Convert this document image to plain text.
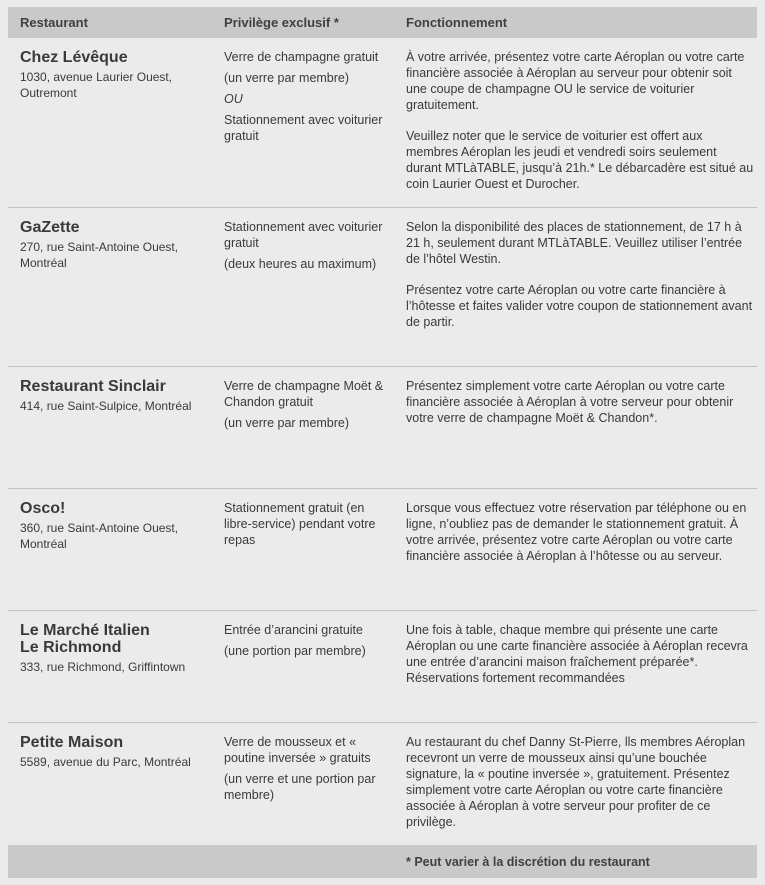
Restaurant	Privilège exclusif *	Fonctionnement
Chez Lévêque
1030, avenue Laurier Ouest, Outremont

Verre de champagne gratuit

(un verre par membre)

OU

Stationnement avec voiturier gratuit

À votre arrivée, présentez votre carte Aéroplan ou votre carte financière associée à Aéroplan au serveur pour obtenir soit une coupe de champagne OU le service de voiturier gratuitement.

Veuillez noter que le service de voiturier est offert aux membres Aéroplan les jeudi et vendredi soirs seulement durant MTLàTABLE, jusqu’à 21h.* Le débarcadère est situé au coin Laurier Ouest et Durocher.

GaZette
270, rue Saint-Antoine Ouest, Montréal

Stationnement avec voiturier gratuit

(deux heures au maximum)

Selon la disponibilité des places de stationnement, de 17 h à 21 h, seulement durant MTLàTABLE. Veuillez utiliser l’entrée de l’hôtel Westin.

Présentez votre carte Aéroplan ou votre carte financière à l’hôtesse et faites valider votre coupon de stationnement avant de partir.

Restaurant Sinclair
414, rue Saint-Sulpice, Montréal

Verre de champagne Moët & Chandon gratuit

(un verre par membre)

Présentez simplement votre carte Aéroplan ou votre carte financière associée à Aéroplan à votre serveur pour obtenir votre verre de champagne Moët & Chandon*.

Osco!
360, rue Saint-Antoine Ouest, Montréal

Stationnement gratuit (en libre-service) pendant votre repas

Lorsque vous effectuez votre réservation par téléphone ou en ligne, n’oubliez pas de demander le stationnement gratuit. À votre arrivée, présentez votre carte Aéroplan ou votre carte financière associée à Aéroplan à l’hôtesse ou au serveur.

Le Marché Italien Le Richmond
333, rue Richmond, Griffintown

Entrée d’arancini gratuite

(une portion par membre)

Une fois à table, chaque membre qui présente une carte Aéroplan ou une carte financière associée à Aéroplan recevra une entrée d’arancini maison fraîchement préparée*. Réservations fortement recommandées

Petite Maison
5589, avenue du Parc, Montréal

Verre de mousseux et « poutine inversée » gratuits

(un verre et une portion par membre)

Au restaurant du chef Danny St-Pierre, lls membres Aéroplan recevront un verre de mousseux ainsi qu’une bouchée signature, la « poutine inversée », gratuitement. Présentez simplement votre carte Aéroplan ou votre carte financière associée à Aéroplan à votre serveur pour profiter de ce privilège.

* Peut varier à la discrétion du restaurant
